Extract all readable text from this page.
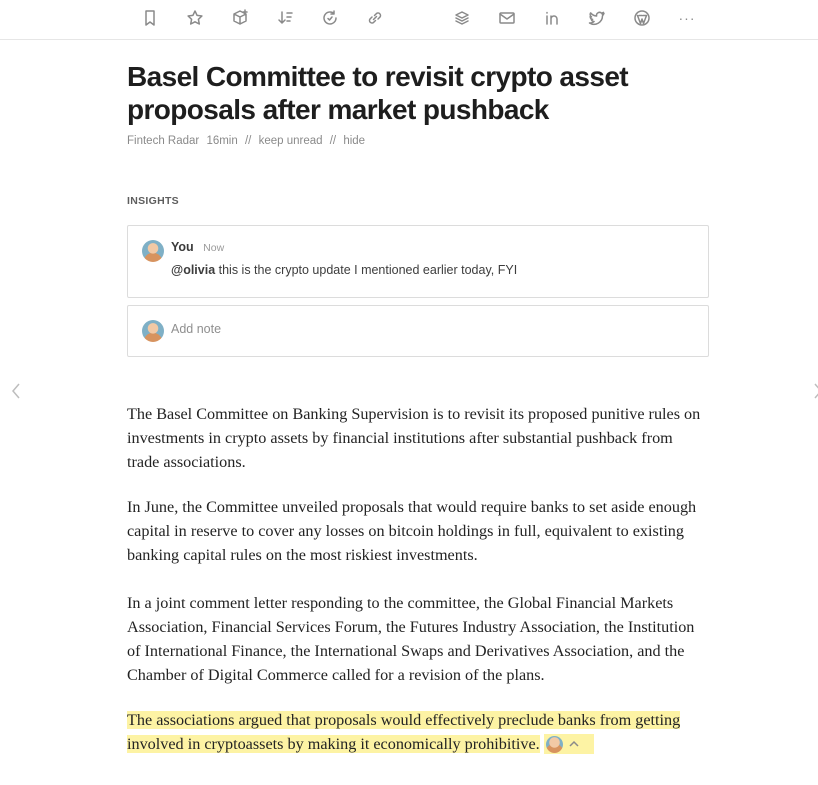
···
Basel Committee to revisit crypto asset proposals after market pushback
Fintech Radar 16min // keep unread // hide
INSIGHTS
You Now
@olivia this is the crypto update I mentioned earlier today, FYI
Add note

The Basel Committee on Banking Supervision is to revisit its proposed punitive rules on investments in crypto assets by financial institutions after substantial pushback from trade associations.

In June, the Committee unveiled proposals that would require banks to set aside enough capital in reserve to cover any losses on bitcoin holdings in full, equivalent to existing banking capital rules on the most riskiest investments.

In a joint comment letter responding to the committee, the Global Financial Markets Association, Financial Services Forum, the Futures Industry Association, the Institution of International Finance, the International Swaps and Derivatives Association, and the Chamber of Digital Commerce called for a revision of the plans.

The associations argued that proposals would effectively preclude banks from getting involved in cryptoassets by making it economically prohibitive.
